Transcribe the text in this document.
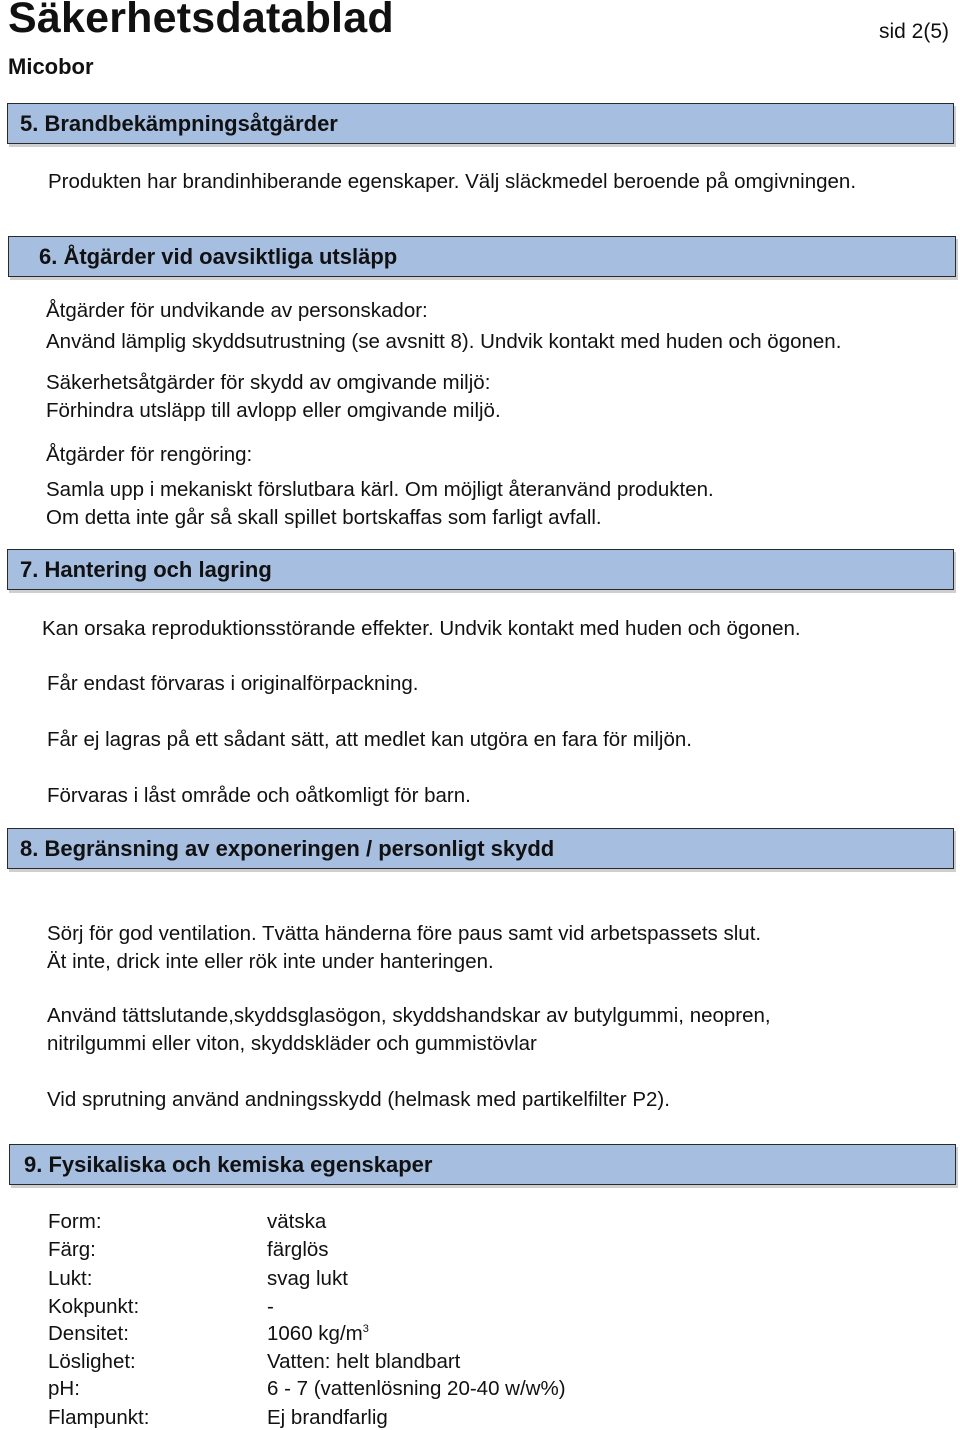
Säkerhetsdatablad
Micobor
sid 2(5)
5. Brandbekämpningsåtgärder
Produkten har brandinhiberande egenskaper. Välj släckmedel beroende på omgivningen.
6. Åtgärder vid oavsiktliga utsläpp
Åtgärder för undvikande av personskador:
Använd lämplig skyddsutrustning (se avsnitt 8). Undvik kontakt med huden och ögonen.
Säkerhetsåtgärder för skydd av omgivande miljö:
Förhindra utsläpp till avlopp eller omgivande miljö.
Åtgärder för rengöring:
Samla upp i mekaniskt förslutbara kärl. Om möjligt återanvänd produkten.
Om detta inte går så skall spillet bortskaffas som farligt avfall.
7. Hantering och lagring
Kan orsaka reproduktionsstörande effekter. Undvik kontakt med huden och ögonen.
Får endast förvaras i originalförpackning.
Får ej lagras på ett sådant sätt, att medlet kan utgöra en fara för miljön.
Förvaras i låst område och oåtkomligt för barn.
8. Begränsning av exponeringen / personligt skydd
Sörj för god ventilation. Tvätta händerna före paus samt vid arbetspassets slut.
Ät inte, drick inte eller rök inte under hanteringen.
Använd tättslutande,skyddsglasögon, skyddshandskar av butylgummi, neopren,
nitrilgummi eller viton, skyddskläder och gummistövlar
Vid sprutning använd andningsskydd (helmask med partikelfilter P2).
9. Fysikaliska och kemiska egenskaper
Form:	vätska
Färg:	färglös
Lukt:	svag lukt
Kokpunkt:	-
Densitet:	1060 $kg/m^3$
Löslighet:	Vatten: helt blandbart
pH:	6 - 7 (vattenlösning 20-40 w/w%)
Flampunkt:	Ej brandfarlig
